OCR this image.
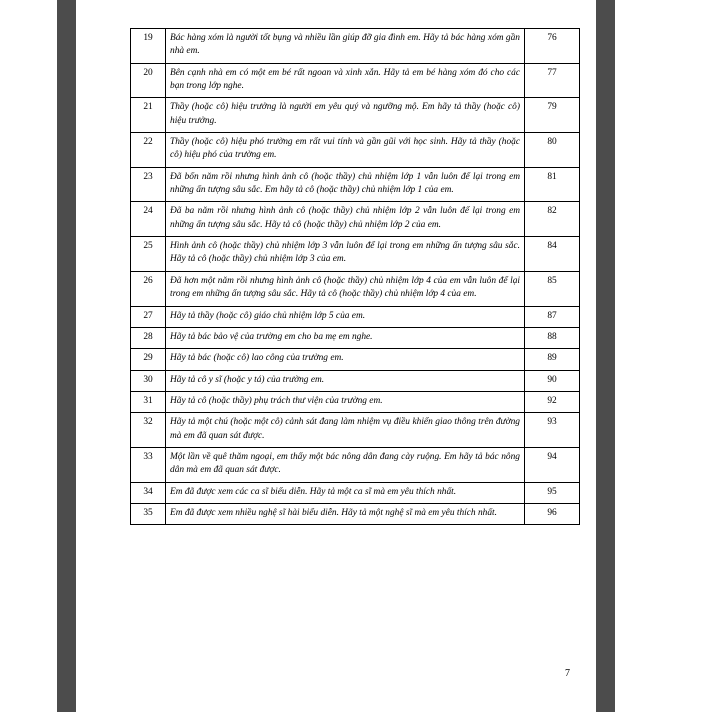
19	Bác hàng xóm là người tốt bụng và nhiều lần giúp đỡ gia đình em. Hãy tả bác hàng xóm gần nhà em.	76
20	Bên cạnh nhà em có một em bé rất ngoan và xinh xắn. Hãy tả em bé hàng xóm đó cho các bạn trong lớp nghe.	77
21	Thầy (hoặc cô) hiệu trưởng là người em yêu quý và ngưỡng mộ. Em hãy tả thầy (hoặc cô) hiệu trưởng.	79
22	Thầy (hoặc cô) hiệu phó trường em rất vui tính và gần gũi với học sinh. Hãy tả thầy (hoặc cô) hiệu phó của trường em.	80
23	Đã bốn năm rồi nhưng hình ảnh cô (hoặc thầy) chủ nhiệm lớp 1 vẫn luôn để lại trong em những ấn tượng sâu sắc. Em hãy tả cô (hoặc thầy) chủ nhiệm lớp 1 của em.	81
24	Đã ba năm rồi nhưng hình ảnh cô (hoặc thầy) chủ nhiệm lớp 2 vẫn luôn để lại trong em những ấn tượng sâu sắc. Hãy tả cô (hoặc thầy) chủ nhiệm lớp 2 của em.	82
25	Hình ảnh cô (hoặc thầy) chủ nhiệm lớp 3 vẫn luôn để lại trong em những ấn tượng sâu sắc. Hãy tả cô (hoặc thầy) chủ nhiệm lớp 3 của em.	84
26	Đã hơn một năm rồi nhưng hình ảnh cô (hoặc thầy) chủ nhiệm lớp 4 của em vẫn luôn để lại trong em những ấn tượng sâu sắc. Hãy tả cô (hoặc thầy) chủ nhiệm lớp 4 của em.	85
27	Hãy tả thầy (hoặc cô) giáo chủ nhiệm lớp 5 của em.	87
28	Hãy tả bác bảo vệ của trường em cho ba mẹ em nghe.	88
29	Hãy tả bác (hoặc cô) lao công của trường em.	89
30	Hãy tả cô y sĩ (hoặc y tá) của trường em.	90
31	Hãy tả cô (hoặc thầy) phụ trách thư viện của trường em.	92
32	Hãy tả một chú (hoặc một cô) cảnh sát đang làm nhiệm vụ điều khiển giao thông trên đường mà em đã quan sát được.	93
33	Một lần về quê thăm ngoại, em thấy một bác nông dân đang cày ruộng. Em hãy tả bác nông dân mà em đã quan sát được.	94
34	Em đã được xem các ca sĩ biểu diễn. Hãy tả một ca sĩ mà em yêu thích nhất.	95
35	Em đã được xem nhiều nghệ sĩ hài biểu diễn. Hãy tả một nghệ sĩ mà em yêu thích nhất.	96
7
